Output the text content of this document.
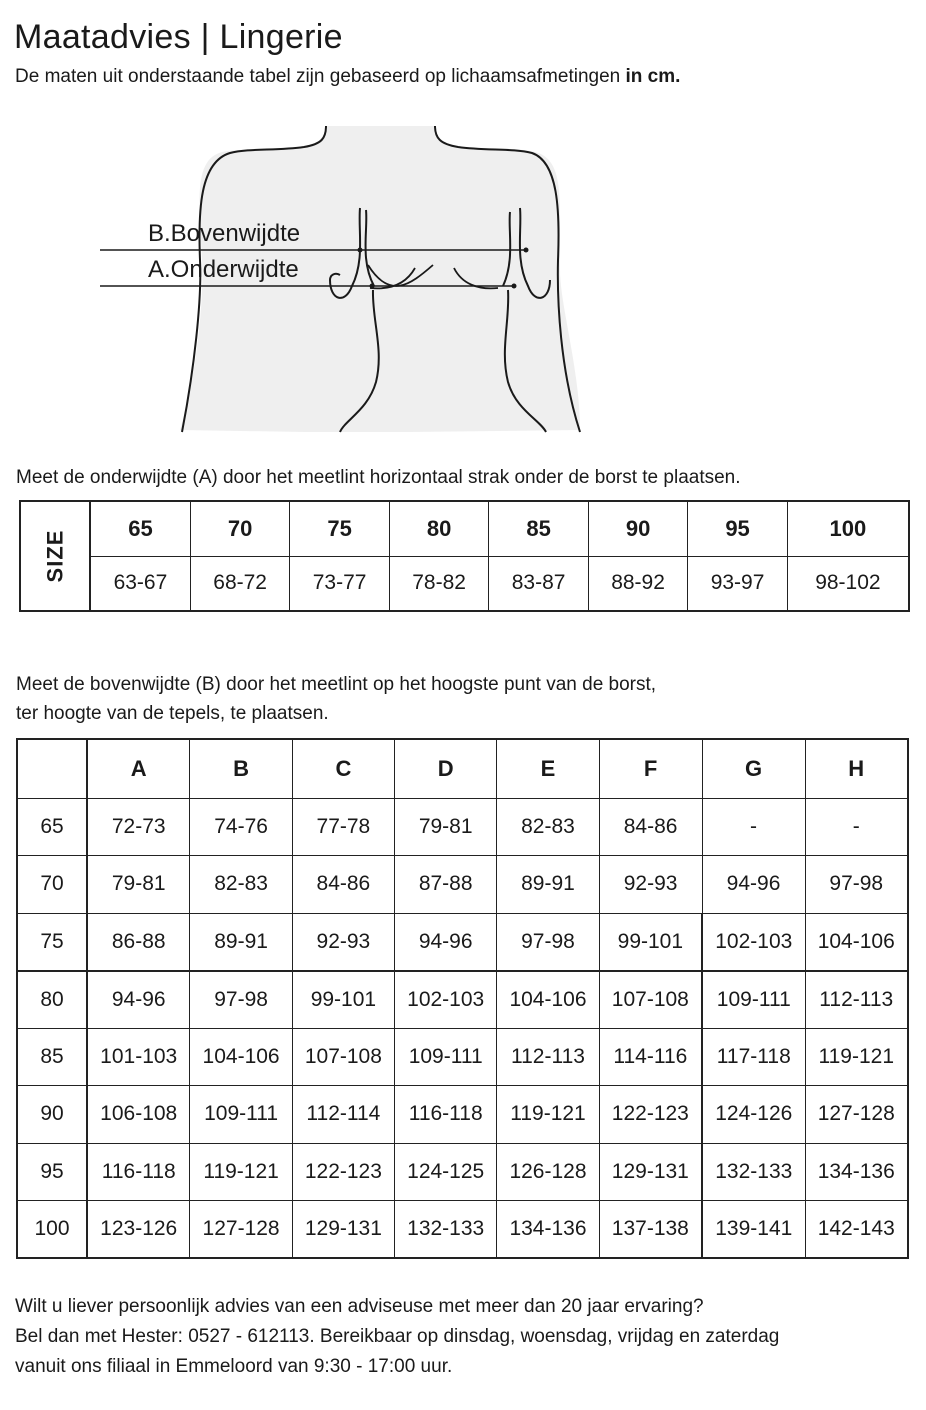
Maatadvies | Lingerie
De maten uit onderstaande tabel zijn gebaseerd op lichaamsafmetingen in cm.
B.Bovenwijdte
A.Onderwijdte
Meet de onderwijdte (A) door het meetlint horizontaal strak onder de borst te plaatsen.
SIZE	65	70	75	80	85	90	95	100
	63-67	68-72	73-77	78-82	83-87	88-92	93-97	98-102
Meet de bovenwijdte (B) door het meetlint op het hoogste punt van de borst,
ter hoogte van de tepels, te plaatsen.
	A	B	C	D	E	F	G	H
65	72-73	74-76	77-78	79-81	82-83	84-86	-	-
70	79-81	82-83	84-86	87-88	89-91	92-93	94-96	97-98
75	86-88	89-91	92-93	94-96	97-98	99-101	102-103	104-106
80	94-96	97-98	99-101	102-103	104-106	107-108	109-111	112-113
85	101-103	104-106	107-108	109-111	112-113	114-116	117-118	119-121
90	106-108	109-111	112-114	116-118	119-121	122-123	124-126	127-128
95	116-118	119-121	122-123	124-125	126-128	129-131	132-133	134-136
100	123-126	127-128	129-131	132-133	134-136	137-138	139-141	142-143
Wilt u liever persoonlijk advies van een adviseuse met meer dan 20 jaar ervaring?
Bel dan met Hester: 0527 - 612113. Bereikbaar op dinsdag, woensdag, vrijdag en zaterdag
vanuit ons filiaal in Emmeloord van 9:30 - 17:00 uur.
